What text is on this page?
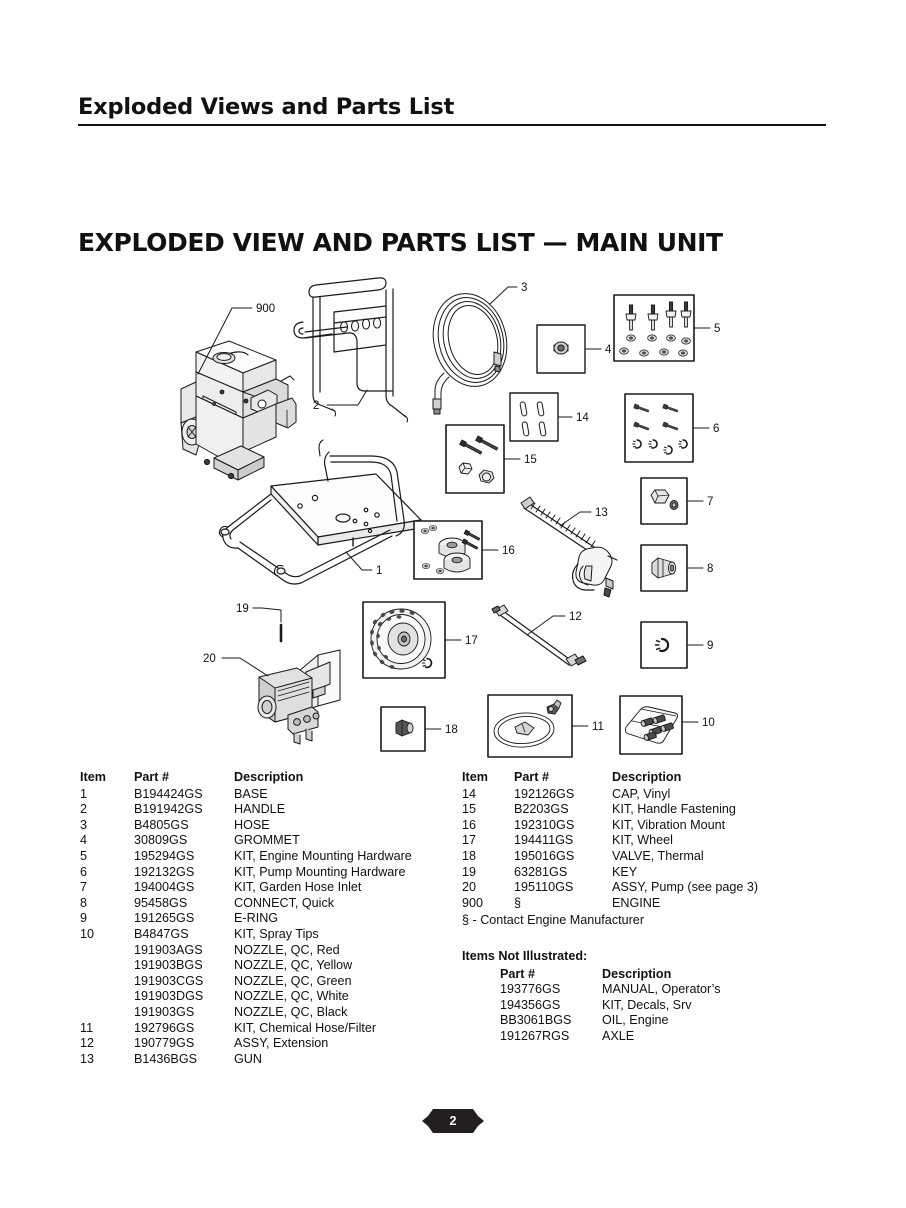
Exploded Views and Parts List
EXPLODED VIEW AND PARTS LIST — MAIN UNIT
900
2
3
4
5
6
7
8
9
10
11
12
13
14
15
16
17
18
19
1
20
Item	Part #	Description
1	B194424GS	BASE
2	B191942GS	HANDLE
3	B4805GS	HOSE
4	30809GS	GROMMET
5	195294GS	KIT, Engine Mounting Hardware
6	192132GS	KIT, Pump Mounting Hardware
7	194004GS	KIT, Garden Hose Inlet
8	95458GS	CONNECT, Quick
9	191265GS	E-RING
10	B4847GS	KIT, Spray Tips
	191903AGS	NOZZLE, QC, Red
	191903BGS	NOZZLE, QC, Yellow
	191903CGS	NOZZLE, QC, Green
	191903DGS	NOZZLE, QC, White
	191903GS	NOZZLE, QC, Black
11	192796GS	KIT, Chemical Hose/Filter
12	190779GS	ASSY, Extension
13	B1436BGS	GUN
Item	Part #	Description
14	192126GS	CAP, Vinyl
15	B2203GS	KIT, Handle Fastening
16	192310GS	KIT, Vibration Mount
17	194411GS	KIT, Wheel
18	195016GS	VALVE, Thermal
19	63281GS	KEY
20	195110GS	ASSY, Pump (see page 3)
900	§	ENGINE
§ - Contact Engine Manufacturer
Items Not Illustrated:
Part #	Description
193776GS	MANUAL, Operator’s
194356GS	KIT, Decals, Srv
BB3061BGS	OIL, Engine
191267RGS	AXLE
2
